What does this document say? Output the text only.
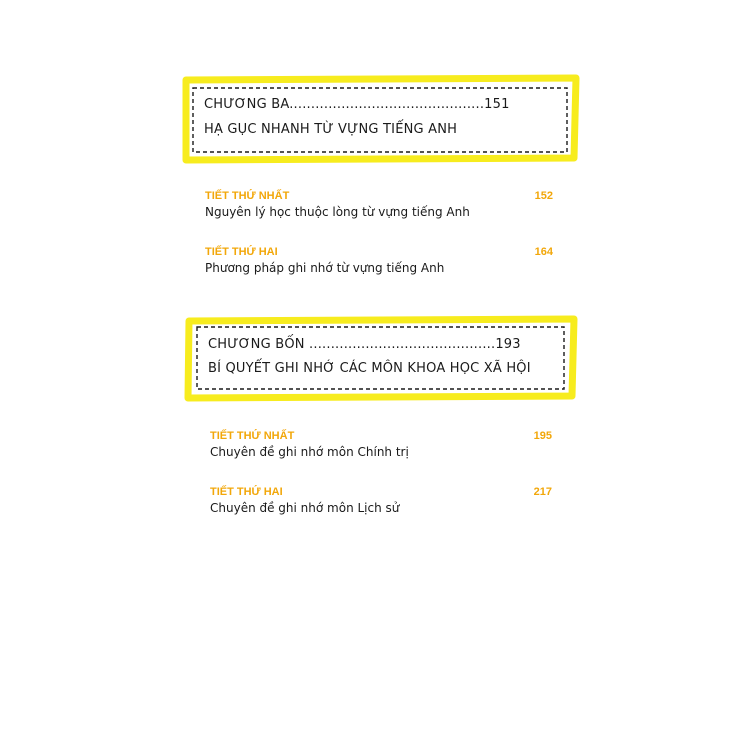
CHƯƠNG BA.............................................151
HẠ GỤC NHANH TỪ VỰNG TIẾNG ANH
TIẾT THỨ NHẤT	152
Nguyên lý học thuộc lòng từ vựng tiếng Anh
TIẾT THỨ HAI	164
Phương pháp ghi nhớ từ vựng tiếng Anh
CHƯƠNG BỐN ...........................................193
BÍ QUYẾT GHI NHỚ CÁC MÔN KHOA HỌC XÃ HỘI
TIẾT THỨ NHẤT	195
Chuyên đề ghi nhớ môn Chính trị
TIẾT THỨ HAI	217
Chuyên đề ghi nhớ môn Lịch sử
